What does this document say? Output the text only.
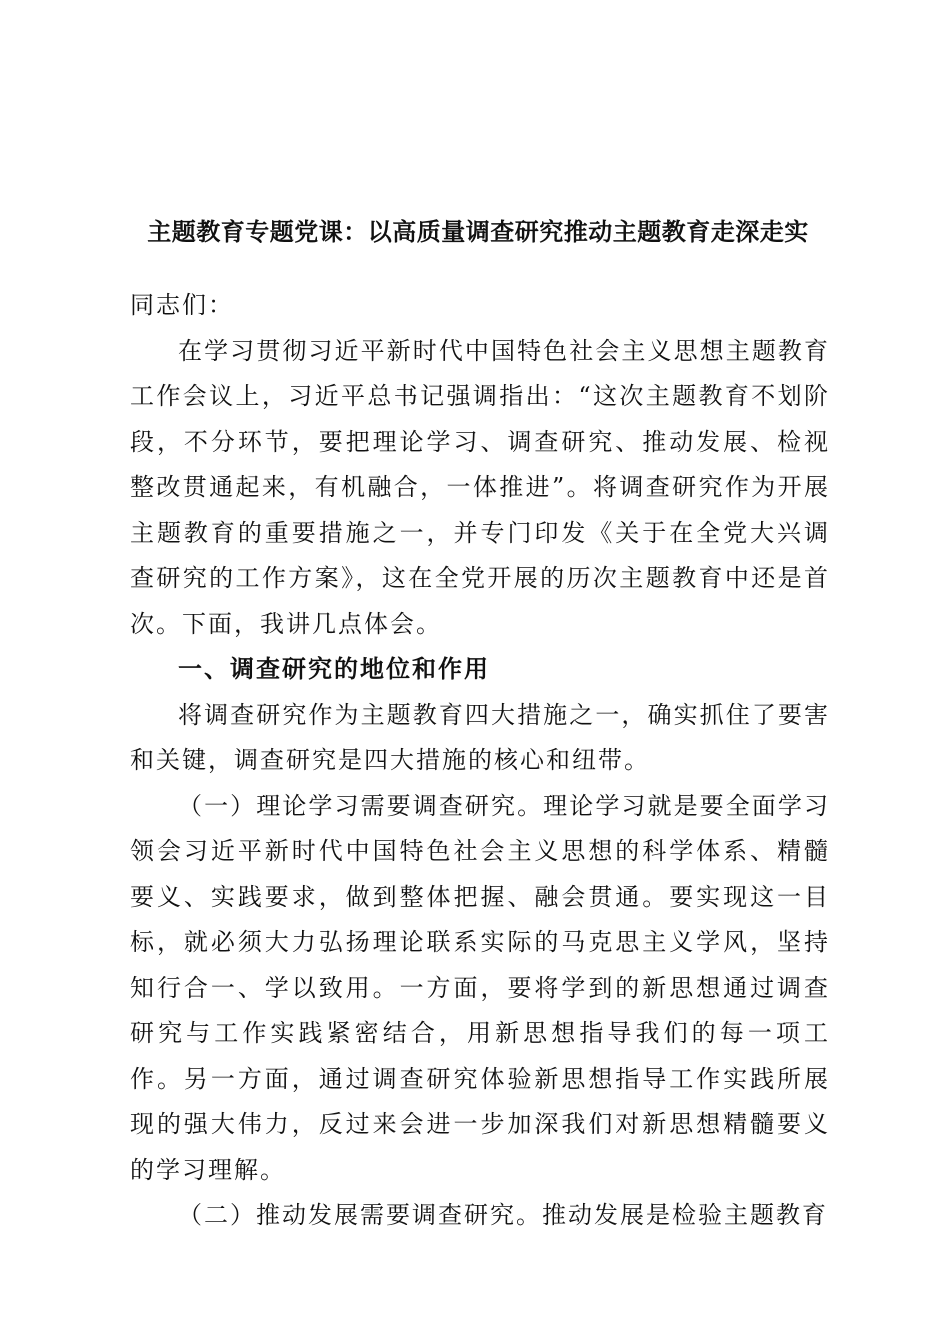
主题教育专题党课：以高质量调查研究推动主题教育走深走实

同志们：

在学习贯彻习近平新时代中国特色社会主义思想主题教育工作会议上，习近平总书记强调指出：“这次主题教育不划阶段，不分环节，要把理论学习、调查研究、推动发展、检视整改贯通起来，有机融合，一体推进”。将调查研究作为开展主题教育的重要措施之一，并专门印发《关于在全党大兴调查研究的工作方案》，这在全党开展的历次主题教育中还是首次。下面，我讲几点体会。

一、调查研究的地位和作用

将调查研究作为主题教育四大措施之一，确实抓住了要害和关键，调查研究是四大措施的核心和纽带。

（一）理论学习需要调查研究。理论学习就是要全面学习领会习近平新时代中国特色社会主义思想的科学体系、精髓要义、实践要求，做到整体把握、融会贯通。要实现这一目标，就必须大力弘扬理论联系实际的马克思主义学风，坚持知行合一、学以致用。一方面，要将学到的新思想通过调查研究与工作实践紧密结合，用新思想指导我们的每一项工作。另一方面，通过调查研究体验新思想指导工作实践所展现的强大伟力，反过来会进一步加深我们对新思想精髓要义的学习理解。

（二）推动发展需要调查研究。推动发展是检验主题教育
